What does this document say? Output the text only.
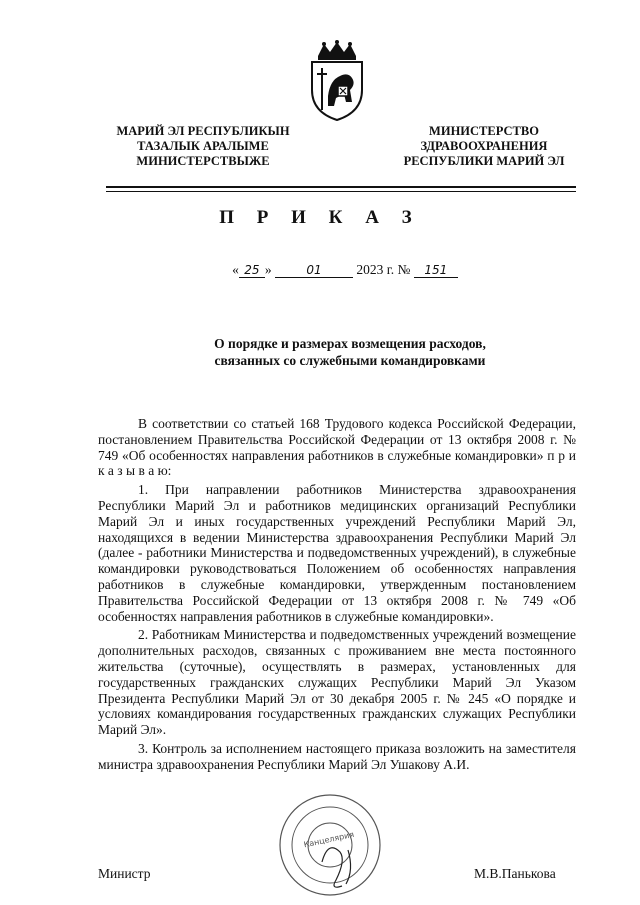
МАРИЙ ЭЛ РЕСПУБЛИКЫН
ТАЗАЛЫК АРАЛЫМЕ
МИНИСТЕРСТВЫЖЕ
МИНИСТЕРСТВО
ЗДРАВООХРАНЕНИЯ
РЕСПУБЛИКИ МАРИЙ ЭЛ
П Р И К А З
« 25 »	01	2023 г. № 151
О порядке и размерах возмещения расходов,
связанных со служебными командировками

В соответствии со статьей 168 Трудового кодекса Российской Федерации, постановлением Правительства Российской Федерации от 13 октября 2008 г. № 749 «Об особенностях направления работников в служебные командировки» п р и к а з ы в а ю:

1. При направлении работников Министерства здравоохранения Республики Марий Эл и работников медицинских организаций Республики Марий Эл и иных государственных учреждений Республики Марий Эл, находящихся в ведении Министерства здравоохранения Республики Марий Эл (далее - работники Министерства и подведомственных учреждений), в служебные командировки руководствоваться Положением об особенностях направления работников в служебные командировки, утвержденным постановлением Правительства Российской Федерации от 13 октября 2008 г. № 749 «Об особенностях направления работников в служебные командировки».

2. Работникам Министерства и подведомственных учреждений возмещение дополнительных расходов, связанных с проживанием вне места постоянного жительства (суточные), осуществлять в размерах, установленных для государственных гражданских служащих Республики Марий Эл Указом Президента Республики Марий Эл от 30 декабря 2005 г. № 245 «О порядке и условиях командирования государственных гражданских служащих Республики Марий Эл».

3. Контроль за исполнением настоящего приказа возложить на заместителя министра здравоохранения Республики Марий Эл Ушакову А.И.

Канцелярия
Министр	М.В.Панькова
